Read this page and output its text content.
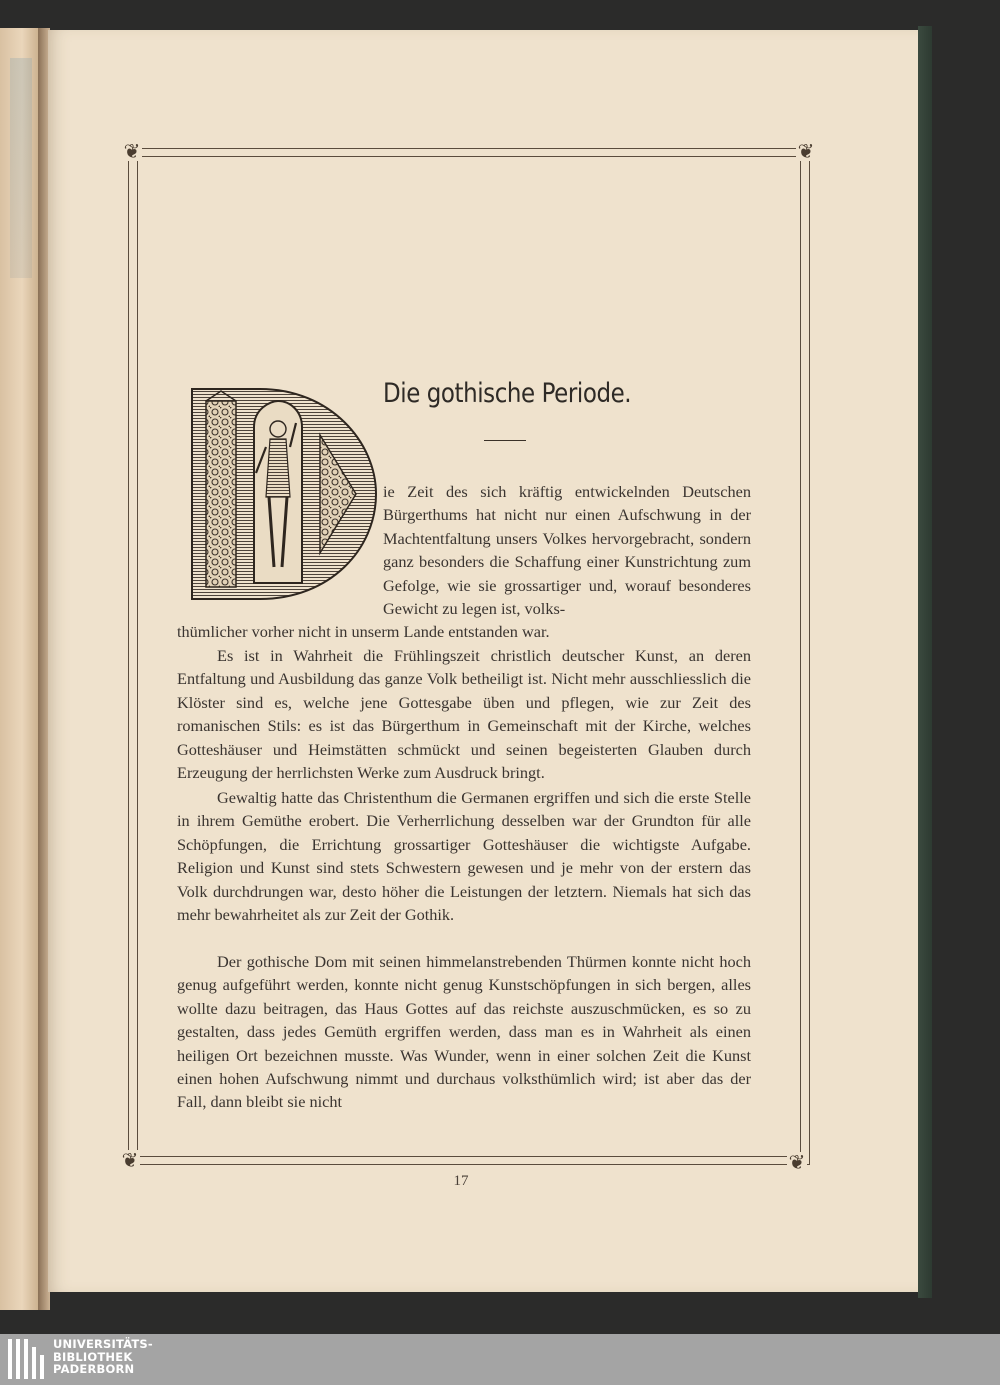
❦	❦
❦	❦
Die gothische Periode.

ie Zeit des sich kräftig entwickelnden Deutschen Bürgerthums hat nicht nur einen Aufschwung in der Machtentfaltung unsers Volkes hervorgebracht, sondern ganz besonders die Schaffung einer Kunstrichtung zum Gefolge, wie sie grossartiger und, worauf besonderes Gewicht zu legen ist, volks-

thümlicher vorher nicht in unserm Lande entstanden war.

Es ist in Wahrheit die Frühlingszeit christlich deutscher Kunst, an deren Entfaltung und Ausbildung das ganze Volk betheiligt ist. Nicht mehr ausschliesslich die Klöster sind es, welche jene Gottesgabe üben und pflegen, wie zur Zeit des romanischen Stils: es ist das Bürgerthum in Gemeinschaft mit der Kirche, welches Gotteshäuser und Heimstätten schmückt und seinen begeisterten Glauben durch Erzeugung der herrlichsten Werke zum Ausdruck bringt.

Gewaltig hatte das Christenthum die Germanen ergriffen und sich die erste Stelle in ihrem Gemüthe erobert. Die Verherrlichung desselben war der Grundton für alle Schöpfungen, die Errichtung grossartiger Gotteshäuser die wichtigste Aufgabe. Religion und Kunst sind stets Schwestern gewesen und je mehr von der erstern das Volk durchdrungen war, desto höher die Leistungen der letztern. Niemals hat sich das mehr bewahrheitet als zur Zeit der Gothik.

Der gothische Dom mit seinen himmelanstrebenden Thürmen konnte nicht hoch genug aufgeführt werden, konnte nicht genug Kunstschöpfungen in sich bergen, alles wollte dazu beitragen, das Haus Gottes auf das reichste auszuschmücken, es so zu gestalten, dass jedes Gemüth ergriffen werden, dass man es in Wahrheit als einen heiligen Ort bezeichnen musste. Was Wunder, wenn in einer solchen Zeit die Kunst einen hohen Aufschwung nimmt und durchaus volksthümlich wird; ist aber das der Fall, dann bleibt sie nicht

17
UNIVERSITÄTS-
BIBLIOTHEK
PADERBORN
